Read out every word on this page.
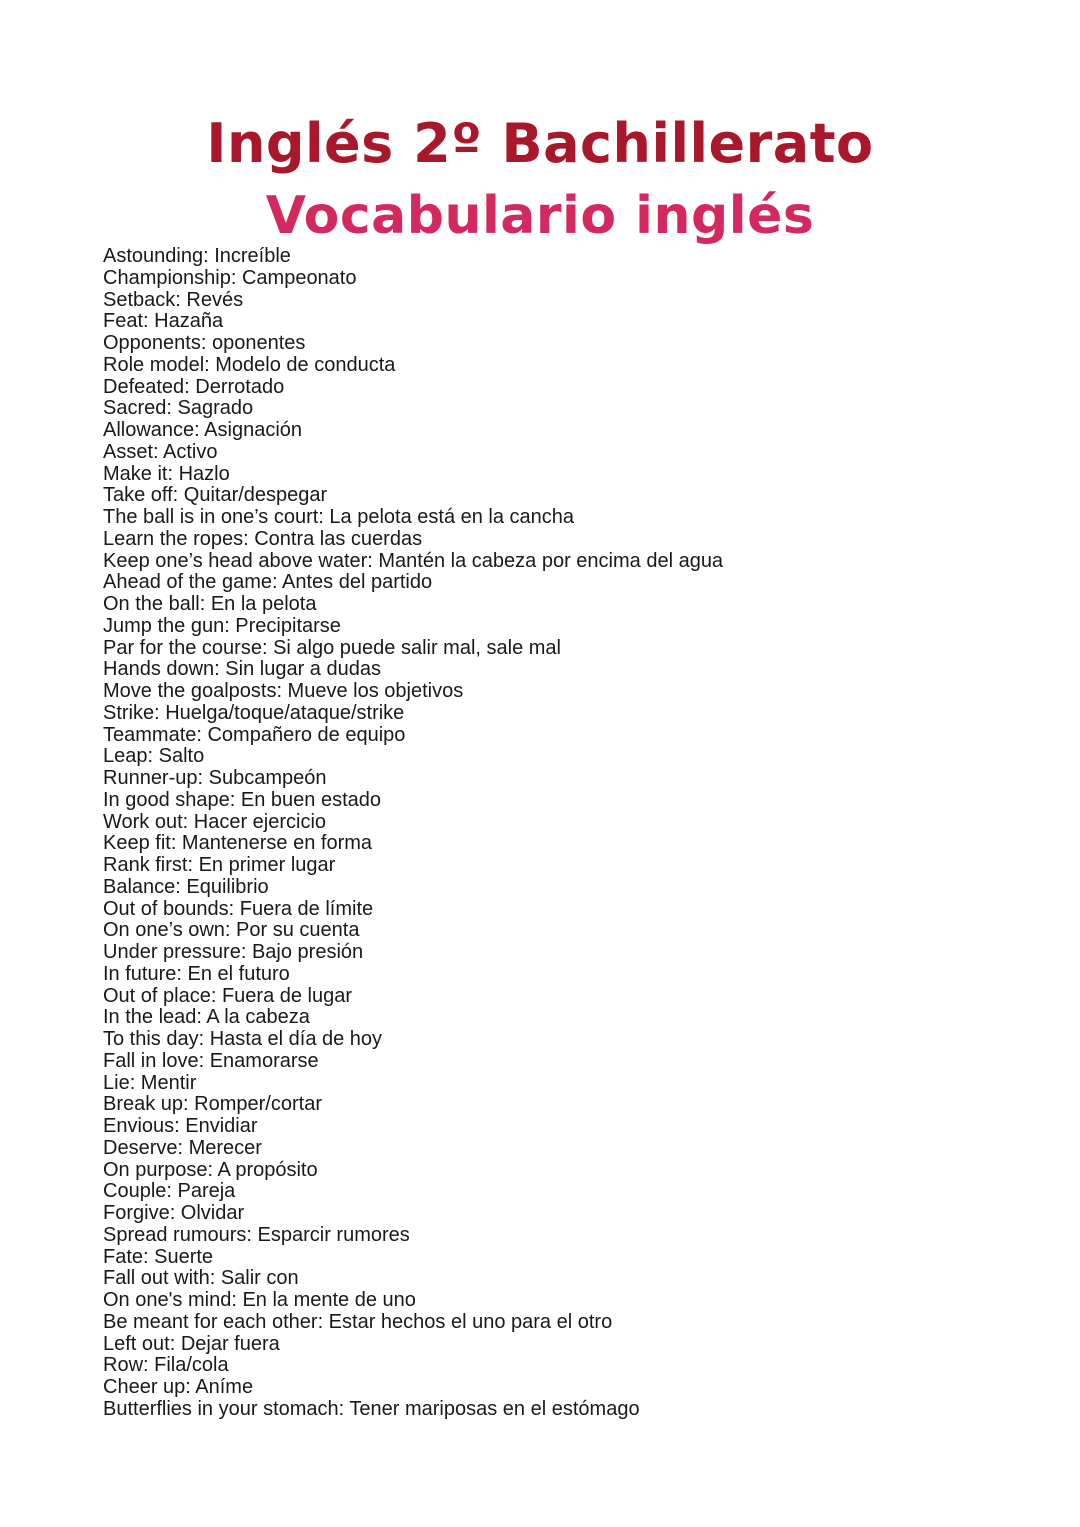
Inglés 2º Bachillerato
Vocabulario inglés
Astounding: Increíble
Championship: Campeonato
Setback: Revés
Feat: Hazaña
Opponents: oponentes
Role model: Modelo de conducta
Defeated: Derrotado
Sacred: Sagrado
Allowance: Asignación
Asset: Activo
Make it: Hazlo
Take off: Quitar/despegar
The ball is in one’s court: La pelota está en la cancha
Learn the ropes: Contra las cuerdas
Keep one’s head above water: Mantén la cabeza por encima del agua
Ahead of the game: Antes del partido
On the ball: En la pelota
Jump the gun: Precipitarse
Par for the course: Si algo puede salir mal, sale mal
Hands down: Sin lugar a dudas
Move the goalposts: Mueve los objetivos
Strike: Huelga/toque/ataque/strike
Teammate: Compañero de equipo
Leap: Salto
Runner-up: Subcampeón
In good shape: En buen estado
Work out: Hacer ejercicio
Keep fit: Mantenerse en forma
Rank first: En primer lugar
Balance: Equilibrio
Out of bounds: Fuera de límite
On one’s own: Por su cuenta
Under pressure: Bajo presión
In future: En el futuro
Out of place: Fuera de lugar
In the lead: A la cabeza
To this day: Hasta el día de hoy
Fall in love: Enamorarse
Lie: Mentir
Break up: Romper/cortar
Envious: Envidiar
Deserve: Merecer
On purpose: A propósito
Couple: Pareja
Forgive: Olvidar
Spread rumours: Esparcir rumores
Fate: Suerte
Fall out with: Salir con
On one's mind: En la mente de uno
Be meant for each other: Estar hechos el uno para el otro
Left out: Dejar fuera
Row: Fila/cola
Cheer up: Aníme
Butterflies in your stomach: Tener mariposas en el estómago
